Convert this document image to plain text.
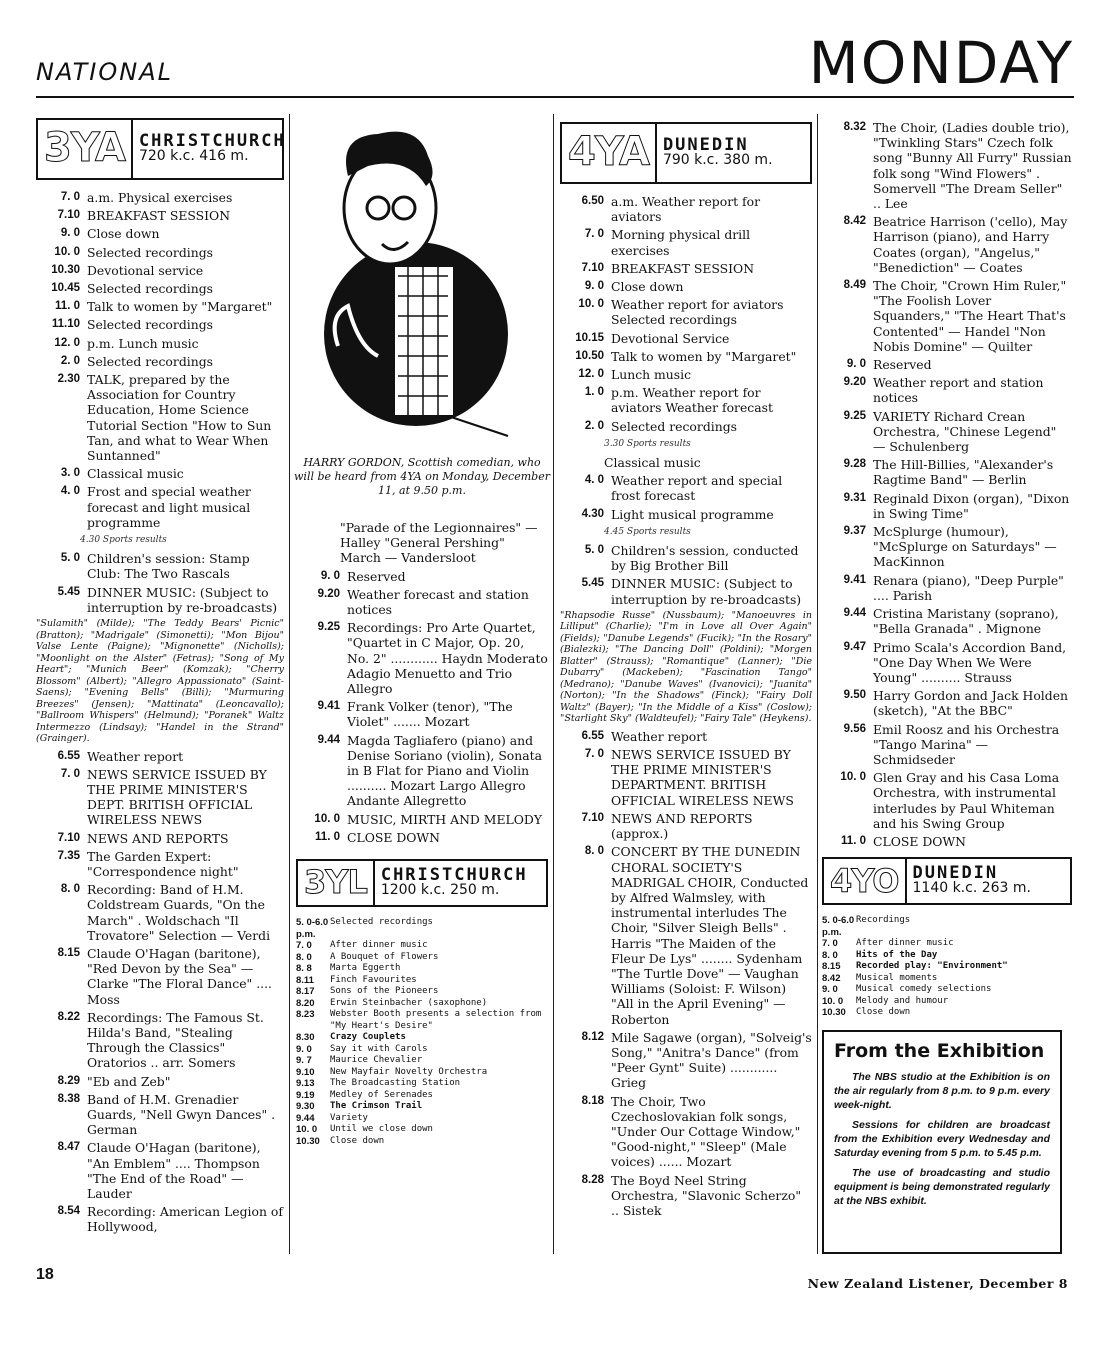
NATIONAL	MONDAY
3YA CHRISTCHURCH
720 k.c. 416 m.
7. 0 a.m. Physical exercises
7.10 BREAKFAST SESSION
9. 0 Close down
10. 0 Selected recordings
10.30 Devotional service
10.45 Selected recordings
11. 0 Talk to women by "Margaret"
11.10 Selected recordings
12. 0 p.m. Lunch music
2. 0 Selected recordings
2.30 TALK, prepared by the Association for Country Education, Home Science Tutorial Section "How to Sun Tan, and what to Wear When Suntanned"
3. 0 Classical music
4. 0 Frost and special weather forecast and light musical programme
4.30 Sports results
5. 0 Children's session: Stamp Club: The Two Rascals
5.45 DINNER MUSIC: (Subject to interruption by re-broadcasts)
"Sulamith" (Milde); "The Teddy Bears' Picnic" (Bratton); "Madrigale" (Simonetti); "Mon Bijou" Valse Lente (Paigne); "Mignonette" (Nicholls); "Moonlight on the Alster" (Fetras); "Song of My Heart"; "Munich Beer" (Komzak); "Cherry Blossom" (Albert); "Allegro Appassionato" (Saint-Saens); "Evening Bells" (Billi); "Murmuring Breezes" (Jensen); "Mattinata" (Leoncavallo); "Ballroom Whispers" (Helmund); "Poranek" Waltz Intermezzo (Lindsay); "Handel in the Strand" (Grainger).
6.55 Weather report
7. 0 NEWS SERVICE ISSUED BY THE PRIME MINISTER'S DEPT. BRITISH OFFICIAL WIRELESS NEWS
7.10 NEWS AND REPORTS
7.35 The Garden Expert: "Correspondence night"
8. 0 Recording: Band of H.M. Coldstream Guards, "On the March" . Woldschach "Il Trovatore" Selection — Verdi
8.15 Claude O'Hagan (baritone), "Red Devon by the Sea" — Clarke "The Floral Dance" .... Moss
8.22 Recordings: The Famous St. Hilda's Band, "Stealing Through the Classics" Oratorios .. arr. Somers
8.29 "Eb and Zeb"
8.38 Band of H.M. Grenadier Guards, "Nell Gwyn Dances" . German
8.47 Claude O'Hagan (baritone), "An Emblem" .... Thompson "The End of the Road" — Lauder
8.54 Recording: American Legion of Hollywood,
HARRY GORDON, Scottish comedian, who will be heard from 4YA on Monday, December 11, at 9.50 p.m.
"Parade of the Legionnaires" — Halley "General Pershing" March — Vandersloot
9. 0 Reserved
9.20 Weather forecast and station notices
9.25 Recordings: Pro Arte Quartet, "Quartet in C Major, Op. 20, No. 2" ............ Haydn Moderato Adagio Menuetto and Trio Allegro
9.41 Frank Volker (tenor), "The Violet" ....... Mozart
9.44 Magda Tagliafero (piano) and Denise Soriano (violin), Sonata in B Flat for Piano and Violin .......... Mozart Largo Allegro Andante Allegretto
10. 0 MUSIC, MIRTH AND MELODY
11. 0 CLOSE DOWN
3YL CHRISTCHURCH
1200 k.c. 250 m.
5. 0-6.0 p.m.
Selected recordings
7. 0	After dinner music
8. 0	A Bouquet of Flowers
8. 8	Marta Eggerth
8.11	Finch Favourites
8.17	Sons of the Pioneers
8.20	Erwin Steinbacher (saxophone)
8.23	Webster Booth presents a selection from "My Heart's Desire"
8.30	Crazy Couplets
9. 0	Say it with Carols
9. 7	Maurice Chevalier
9.10	New Mayfair Novelty Orchestra
9.13	The Broadcasting Station
9.19	Medley of Serenades
9.30	The Crimson Trail
9.44	Variety
10. 0	Until we close down
10.30	Close down
4YA DUNEDIN
790 k.c. 380 m.
6.50 a.m. Weather report for aviators
7. 0 Morning physical drill exercises
7.10 BREAKFAST SESSION
9. 0 Close down
10. 0 Weather report for aviators Selected recordings
10.15 Devotional Service
10.50 Talk to women by "Margaret"
12. 0 Lunch music
1. 0 p.m. Weather report for aviators Weather forecast
2. 0 Selected recordings
3.30 Sports results
Classical music
4. 0 Weather report and special frost forecast
4.30 Light musical programme
4.45 Sports results
5. 0 Children's session, conducted by Big Brother Bill
5.45 DINNER MUSIC: (Subject to interruption by re-broadcasts)
"Rhapsodie Russe" (Nussbaum); "Manoeuvres in Lilliput" (Charlie); "I'm in Love all Over Again" (Fields); "Danube Legends" (Fucik); "In the Rosary" (Bialezki); "The Dancing Doll" (Poldini); "Morgen Blatter" (Strauss); "Romantique" (Lanner); "Die Dubarry" (Mackeben); "Fascination Tango" (Medrano); "Danube Waves" (Ivanovici); "Juanita" (Norton); "In the Shadows" (Finck); "Fairy Doll Waltz" (Bayer); "In the Middle of a Kiss" (Coslow); "Starlight Sky" (Waldteufel); "Fairy Tale" (Heykens).
6.55 Weather report
7. 0 NEWS SERVICE ISSUED BY THE PRIME MINISTER'S DEPARTMENT. BRITISH OFFICIAL WIRELESS NEWS
7.10 NEWS AND REPORTS (approx.)
8. 0 CONCERT BY THE DUNEDIN CHORAL SOCIETY'S MADRIGAL CHOIR, Conducted by Alfred Walmsley, with instrumental interludes The Choir, "Silver Sleigh Bells" . Harris "The Maiden of the Fleur De Lys" ........ Sydenham "The Turtle Dove" — Vaughan Williams (Soloist: F. Wilson) "All in the April Evening" — Roberton
8.12 Mile Sagawe (organ), "Solveig's Song," "Anitra's Dance" (from "Peer Gynt" Suite) ............ Grieg
8.18 The Choir, Two Czechoslovakian folk songs, "Under Our Cottage Window," "Good-night," "Sleep" (Male voices) ...... Mozart
8.28 The Boyd Neel String Orchestra, "Slavonic Scherzo" .. Sistek
8.32 The Choir, (Ladies double trio), "Twinkling Stars" Czech folk song "Bunny All Furry" Russian folk song "Wind Flowers" . Somervell "The Dream Seller" .. Lee
8.42 Beatrice Harrison ('cello), May Harrison (piano), and Harry Coates (organ), "Angelus," "Benediction" — Coates
8.49 The Choir, "Crown Him Ruler," "The Foolish Lover Squanders," "The Heart That's Contented" — Handel "Non Nobis Domine" — Quilter
9. 0 Reserved
9.20 Weather report and station notices
9.25 VARIETY Richard Crean Orchestra, "Chinese Legend" — Schulenberg
9.28 The Hill-Billies, "Alexander's Ragtime Band" — Berlin
9.31 Reginald Dixon (organ), "Dixon in Swing Time"
9.37 McSplurge (humour), "McSplurge on Saturdays" — MacKinnon
9.41 Renara (piano), "Deep Purple" .... Parish
9.44 Cristina Maristany (soprano), "Bella Granada" . Mignone
9.47 Primo Scala's Accordion Band, "One Day When We Were Young" .......... Strauss
9.50 Harry Gordon and Jack Holden (sketch), "At the BBC"
9.56 Emil Roosz and his Orchestra "Tango Marina" — Schmidseder
10. 0 Glen Gray and his Casa Loma Orchestra, with instrumental interludes by Paul Whiteman and his Swing Group
11. 0 CLOSE DOWN
4YO DUNEDIN
1140 k.c. 263 m.
5. 0-6.0 p.m.
Recordings
7. 0	After dinner music
8. 0	Hits of the Day
8.15	Recorded play: "Environment"
8.42	Musical moments
9. 0	Musical comedy selections
10. 0	Melody and humour
10.30	Close down
From the Exhibition

The NBS studio at the Exhibition is on the air regularly from 8 p.m. to 9 p.m. every week-night.

Sessions for children are broadcast from the Exhibition every Wednesday and Saturday evening from 5 p.m. to 5.45 p.m.

The use of broadcasting and studio equipment is being demonstrated regularly at the NBS exhibit.

18
New Zealand Listener, December 8
